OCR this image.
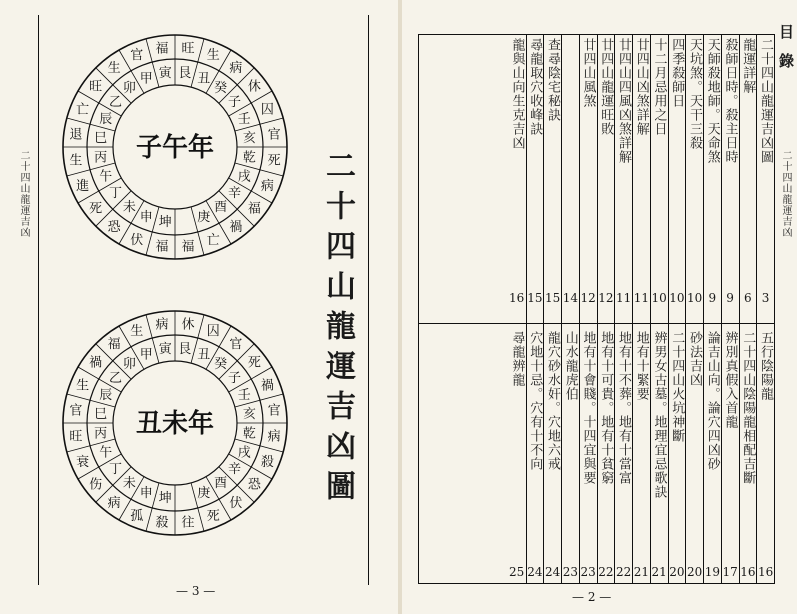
二十四山龍運吉凶	坤
申
未
丁
午
丙
巳
辰
乙
卯
甲 寅 艮 丑
癸
子
壬
亥
乾
戌
辛
酉
庚
福
伏
恐
死
進
生
退
亡
旺
生
官 福 旺 生
病
休
囚
官
死
病
福
禍
亡
福
子午年
坤
申
未
丁
午
丙
巳
辰
乙
卯
甲 寅 艮 丑
癸
子
壬
亥
乾
戌
辛
酉
庚
殺
孤
病
伤
衰
旺
官
生
禍
福
生 病 休 囚
官
死
禍
官
病
殺
恐
伏
死
往
丑未年	二十四山龍運吉凶圖
— 3 —
二十四山龍運吉凶圖
3
五行陰陽龍
16
龍運詳解
6
二十四山陰陽龍相配吉斷
16
殺師日時。殺主日時
9
辨別真假入首龍
17
天師殺地師。天命煞
9
論吉山向。論穴四凶砂
19
天坑煞。天干三殺
10
砂法吉凶
20
四季殺師日
10
二十四山火坑神斷
20
十二月忌用之日
10
辨男女古墓。地理宜忌歌訣
21
廿四山凶煞詳解
11
地有十緊要
21
廿四山四風凶煞詳解
11
地有十不葬。地有十當富
22
廿四山龍運旺敗
12
地有十可貴。地有十貧窮
22
廿四山風煞
12
地有十會賤。十四宜與要
23
14
山水龍虎伯
23
查尋陰宅秘訣
15
龍穴砂水奸。穴地六戒
24
尋龍取穴收峰訣
15
穴地十忌。穴有十不向
24
龍與山向生克吉凶
16
尋龍辨龍
25
目錄
二十四山龍運吉凶
— 2 —
